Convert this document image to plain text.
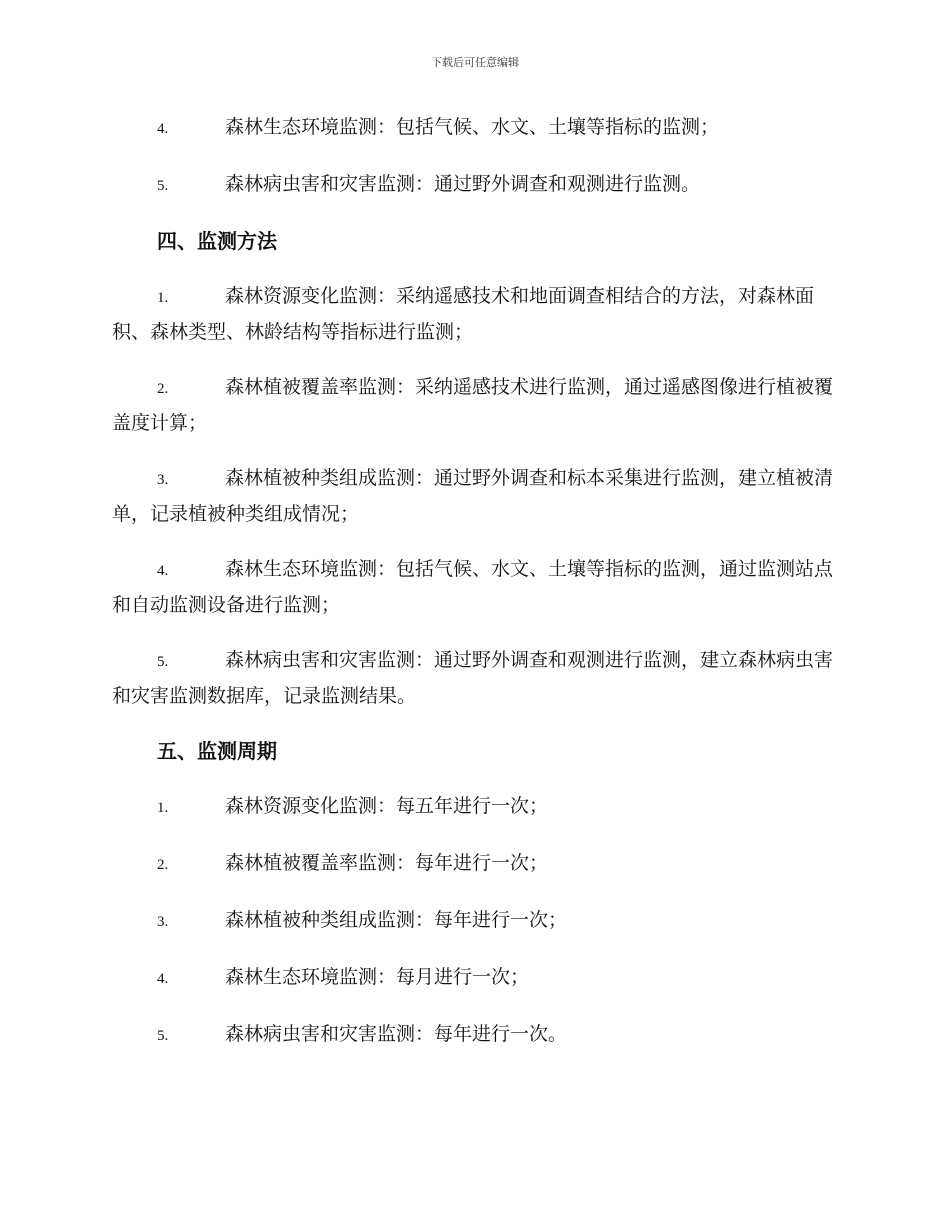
下载后可任意编辑

4.	森林生态环境监测：包括气候、水文、土壤等指标的监测；

5.	森林病虫害和灾害监测：通过野外调查和观测进行监测。

四、监测方法

1.	森林资源变化监测：采纳遥感技术和地面调查相结合的方法，对森林面积、森林类型、林龄结构等指标进行监测；

2.	森林植被覆盖率监测：采纳遥感技术进行监测，通过遥感图像进行植被覆盖度计算；

3.	森林植被种类组成监测：通过野外调查和标本采集进行监测，建立植被清单，记录植被种类组成情况；

4.	森林生态环境监测：包括气候、水文、土壤等指标的监测，通过监测站点和自动监测设备进行监测；

5.	森林病虫害和灾害监测：通过野外调查和观测进行监测，建立森林病虫害和灾害监测数据库，记录监测结果。

五、监测周期

1.	森林资源变化监测：每五年进行一次；

2.	森林植被覆盖率监测：每年进行一次；

3.	森林植被种类组成监测：每年进行一次；

4.	森林生态环境监测：每月进行一次；

5.	森林病虫害和灾害监测：每年进行一次。
